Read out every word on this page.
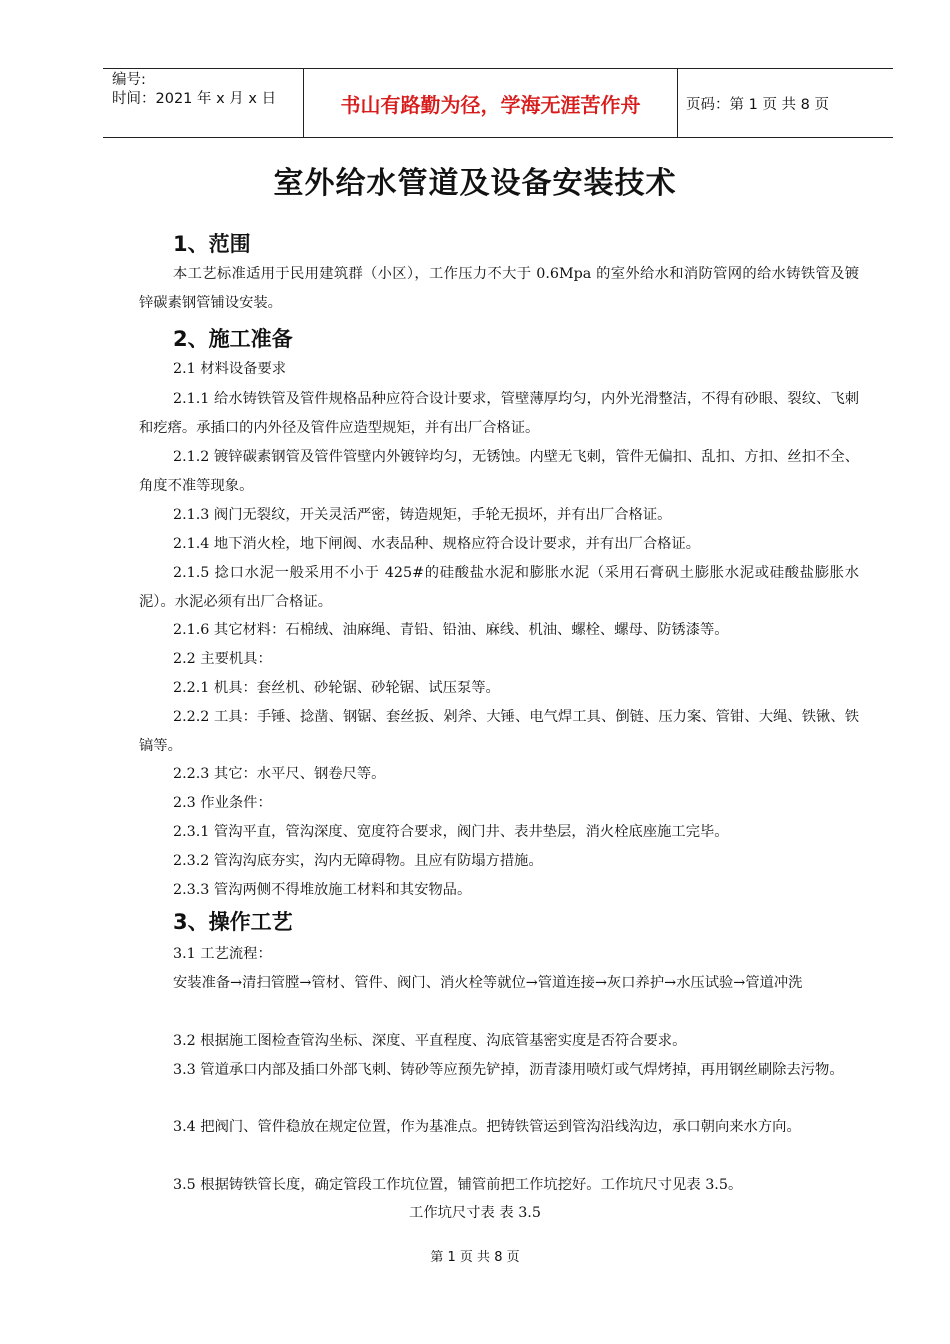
编号:
时间：2021 年 x 月 x 日	书山有路勤为径，学海无涯苦作舟	页码：第 1 页 共 8 页
室外给水管道及设备安装技术
1、范围

本工艺标准适用于民用建筑群（小区），工作压力不大于 0.6Mpa 的室外给水和消防管网的给水铸铁管及镀锌碳素钢管铺设安装。

2、施工准备

2.1 材料设备要求

2.1.1 给水铸铁管及管件规格品种应符合设计要求，管壁薄厚均匀，内外光滑整洁，不得有砂眼、裂纹、飞刺和疙瘩。承插口的内外径及管件应造型规矩，并有出厂合格证。

2.1.2 镀锌碳素钢管及管件管壁内外镀锌均匀，无锈蚀。内壁无飞刺，管件无偏扣、乱扣、方扣、丝扣不全、角度不准等现象。

2.1.3 阀门无裂纹，开关灵活严密，铸造规矩，手轮无损坏，并有出厂合格证。

2.1.4 地下消火栓，地下闸阀、水表品种、规格应符合设计要求，并有出厂合格证。

2.1.5 捻口水泥一般采用不小于 425#的硅酸盐水泥和膨胀水泥（采用石膏矾土膨胀水泥或硅酸盐膨胀水泥）。水泥必须有出厂合格证。

2.1.6 其它材料：石棉绒、油麻绳、青铅、铅油、麻线、机油、螺栓、螺母、防锈漆等。

2.2 主要机具：

2.2.1 机具：套丝机、砂轮锯、砂轮锯、试压泵等。

2.2.2 工具：手锤、捻凿、钢锯、套丝扳、剁斧、大锤、电气焊工具、倒链、压力案、管钳、大绳、铁锹、铁镐等。

2.2.3 其它：水平尺、钢卷尺等。

2.3 作业条件：

2.3.1 管沟平直，管沟深度、宽度符合要求，阀门井、表井垫层，消火栓底座施工完毕。

2.3.2 管沟沟底夯实，沟内无障碍物。且应有防塌方措施。

2.3.3 管沟两侧不得堆放施工材料和其安物品。

3、操作工艺

3.1 工艺流程：

安装准备→清扫管膛→管材、管件、阀门、消火栓等就位→管道连接→灰口养护→水压试验→管道冲洗

3.2 根据施工图检查管沟坐标、深度、平直程度、沟底管基密实度是否符合要求。

3.3 管道承口内部及插口外部飞刺、铸砂等应预先铲掉，沥青漆用喷灯或气焊烤掉，再用钢丝刷除去污物。

3.4 把阀门、管件稳放在规定位置，作为基准点。把铸铁管运到管沟沿线沟边，承口朝向来水方向。

3.5 根据铸铁管长度，确定管段工作坑位置，铺管前把工作坑挖好。工作坑尺寸见表 3.5。

工作坑尺寸表 表 3.5
第 1 页 共 8 页
